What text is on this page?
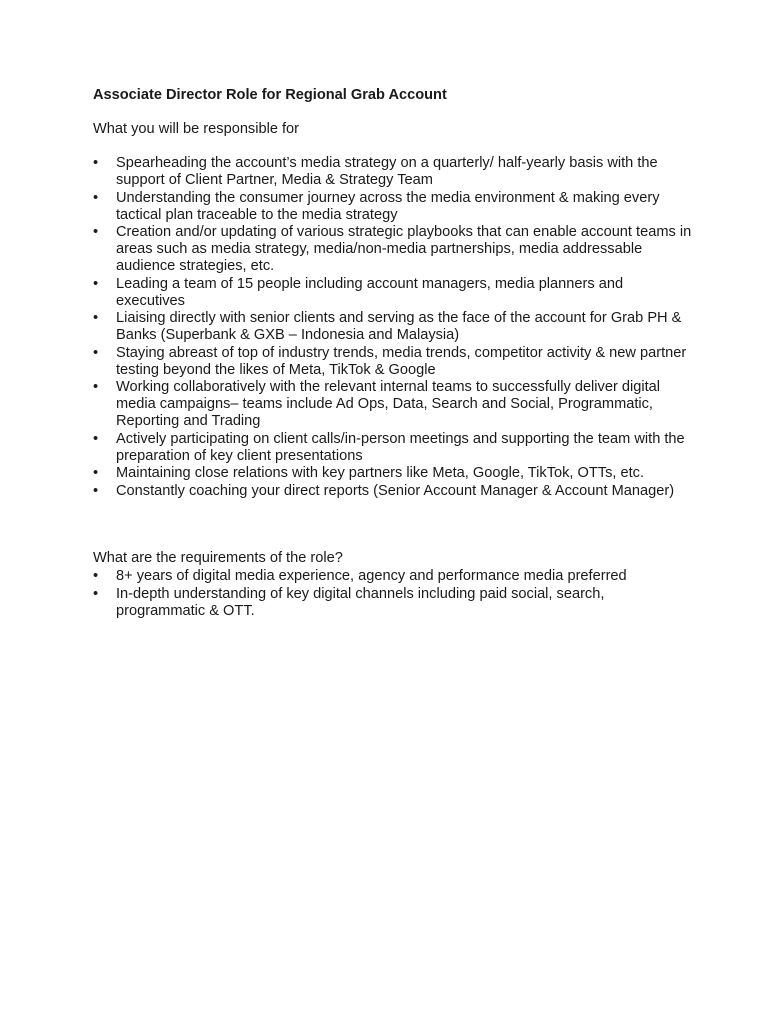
Associate Director Role for Regional Grab Account

What you will be responsible for

•	Spearheading the account’s media strategy on a quarterly/ half-yearly basis with the support of Client Partner, Media & Strategy Team
•	Understanding the consumer journey across the media environment & making every tactical plan traceable to the media strategy
•	Creation and/or updating of various strategic playbooks that can enable account teams in areas such as media strategy, media/non-media partnerships, media addressable audience strategies, etc.
•	Leading a team of 15 people including account managers, media planners and executives
•	Liaising directly with senior clients and serving as the face of the account for Grab PH & Banks (Superbank & GXB – Indonesia and Malaysia)
•	Staying abreast of top of industry trends, media trends, competitor activity & new partner testing beyond the likes of Meta, TikTok & Google
•	Working collaboratively with the relevant internal teams to successfully deliver digital media campaigns– teams include Ad Ops, Data, Search and Social, Programmatic, Reporting and Trading
•	Actively participating on client calls/in-person meetings and supporting the team with the preparation of key client presentations
•	Maintaining close relations with key partners like Meta, Google, TikTok, OTTs, etc.
•	Constantly coaching your direct reports (Senior Account Manager & Account Manager)

What are the requirements of the role?

•	8+ years of digital media experience, agency and performance media preferred
•	In-depth understanding of key digital channels including paid social, search, programmatic & OTT.
